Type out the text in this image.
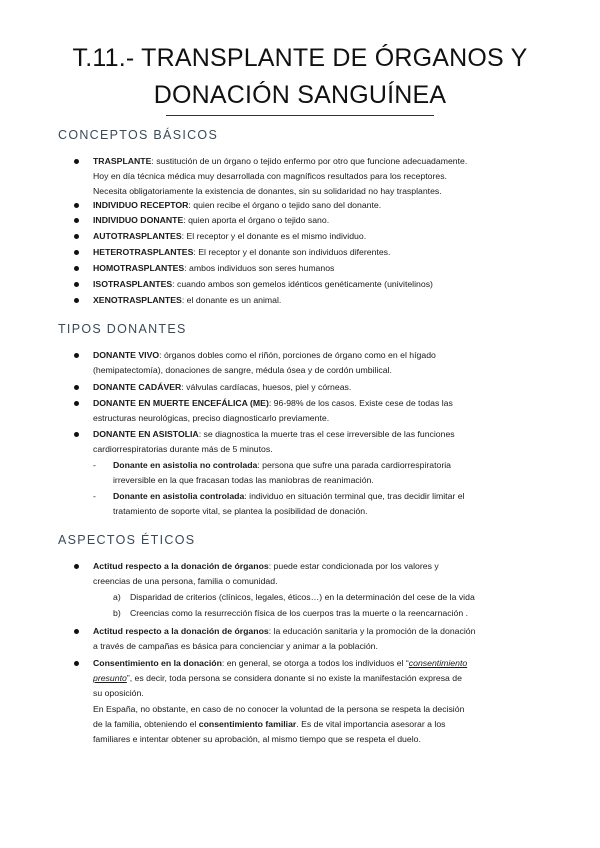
T.11.- TRANSPLANTE DE ÓRGANOS Y
DONACIÓN SANGUÍNEA
CONCEPTOS BÁSICOS
TRASPLANTE: sustitución de un órgano o tejido enfermo por otro que funcione adecuadamente.
Hoy en día técnica médica muy desarrollada con magníficos resultados para los receptores.
Necesita obligatoriamente la existencia de donantes, sin su solidaridad no hay trasplantes.
INDIVIDUO RECEPTOR: quien recibe el órgano o tejido sano del donante.
INDIVIDUO DONANTE: quien aporta el órgano o tejido sano.
AUTOTRASPLANTES: El receptor y el donante es el mismo individuo.
HETEROTRASPLANTES: El receptor y el donante son individuos diferentes.
HOMOTRASPLANTES: ambos individuos son seres humanos
ISOTRASPLANTES: cuando ambos son gemelos idénticos genéticamente (univitelinos)
XENOTRASPLANTES: el donante es un animal.
TIPOS DONANTES
DONANTE VIVO: órganos dobles como el riñón, porciones de órgano como en el hígado
(hemipatectomía), donaciones de sangre, médula ósea y de cordón umbilical.
DONANTE CADÁVER: válvulas cardíacas, huesos, piel y córneas.
DONANTE EN MUERTE ENCEFÁLICA (ME): 96-98% de los casos. Existe cese de todas las
estructuras neurológicas, preciso diagnosticarlo previamente.
DONANTE EN ASISTOLIA: se diagnostica la muerte tras el cese irreversible de las funciones
cardiorrespiratorias durante más de 5 minutos.
- Donante en asistolia no controlada: persona que sufre una parada cardiorrespiratoria
irreversible en la que fracasan todas las maniobras de reanimación.
- Donante en asistolia controlada: individuo en situación terminal que, tras decidir limitar el
tratamiento de soporte vital, se plantea la posibilidad de donación.
ASPECTOS ÉTICOS
Actitud respecto a la donación de órganos: puede estar condicionada por los valores y
creencias de una persona, familia o comunidad.
a) Disparidad de criterios (clínicos, legales, éticos…) en la determinación del cese de la vida
b) Creencias como la resurrección física de los cuerpos tras la muerte o la reencarnación .
Actitud respecto a la donación de órganos: la educación sanitaria y la promoción de la donación
a través de campañas es básica para concienciar y animar a la población.
Consentimiento en la donación: en general, se otorga a todos los individuos el “consentimiento
presunto”, es decir, toda persona se considera donante si no existe la manifestación expresa de
su oposición.
En España, no obstante, en caso de no conocer la voluntad de la persona se respeta la decisión
de la familia, obteniendo el consentimiento familiar. Es de vital importancia asesorar a los
familiares e intentar obtener su aprobación, al mismo tiempo que se respeta el duelo.
